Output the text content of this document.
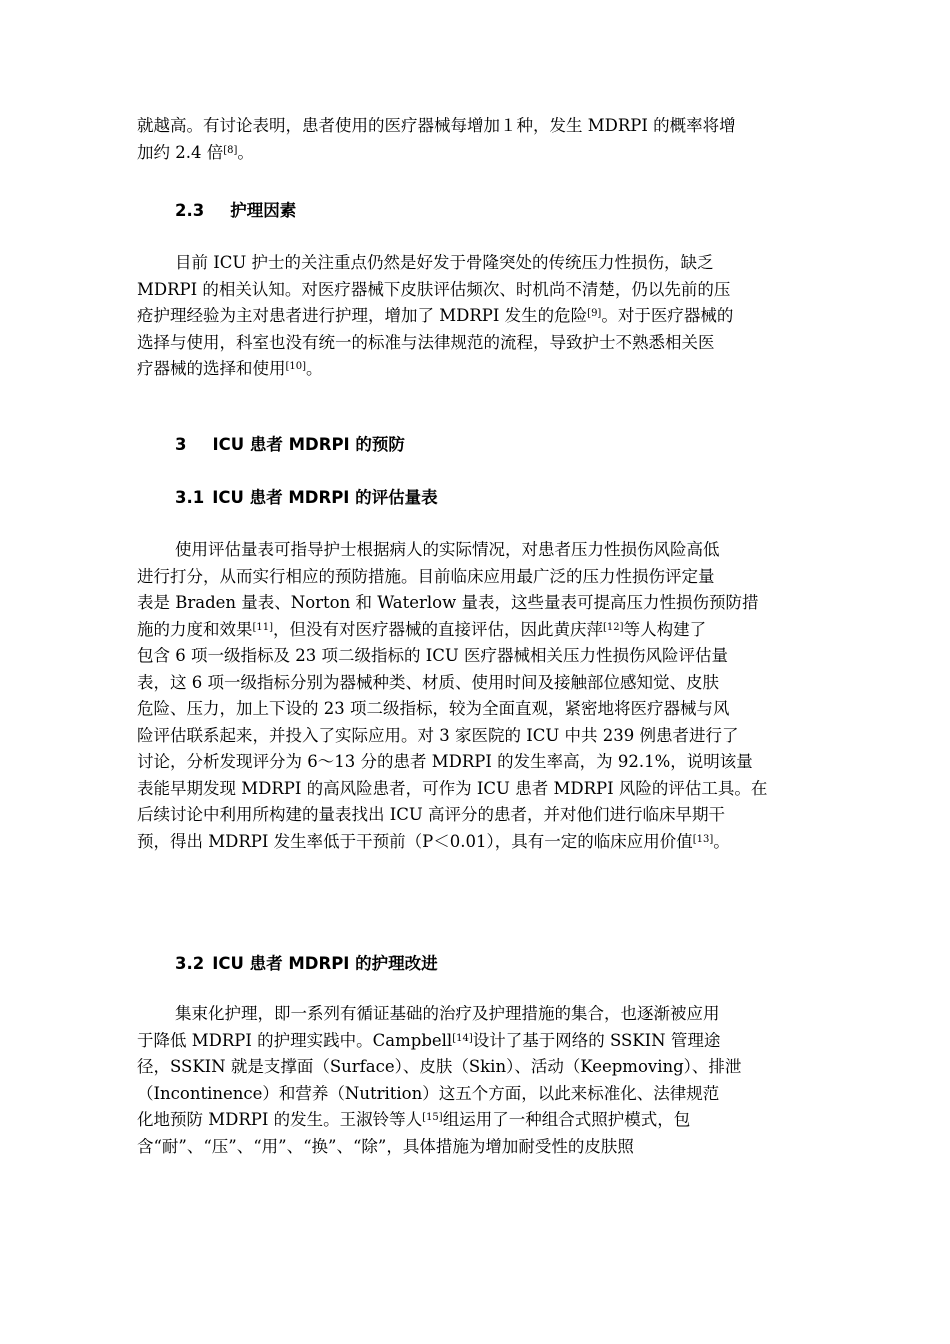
就越高。有讨论表明，患者使用的医疗器械每增加１种，发生 MDRPI 的概率将增
加约 2.4 倍[8]。
2.3 护理因素
目前 ICU 护士的关注重点仍然是好发于骨隆突处的传统压力性损伤，缺乏
MDRPI 的相关认知。对医疗器械下皮肤评估频次、时机尚不清楚，仍以先前的压
疮护理经验为主对患者进行护理，增加了 MDRPI 发生的危险[9]。对于医疗器械的
选择与使用，科室也没有统一的标准与法律规范的流程，导致护士不熟悉相关医
疗器械的选择和使用[10]。
3 ICU 患者 MDRPI 的预防
3.1 ICU 患者 MDRPI 的评估量表
使用评估量表可指导护士根据病人的实际情况，对患者压力性损伤风险高低
进行打分，从而实行相应的预防措施。目前临床应用最广泛的压力性损伤评定量
表是 Braden 量表、Norton 和 Waterlow 量表，这些量表可提高压力性损伤预防措
施的力度和效果[11]，但没有对医疗器械的直接评估，因此黄庆萍[12]等人构建了
包含 6 项一级指标及 23 项二级指标的 ICU 医疗器械相关压力性损伤风险评估量
表，这 6 项一级指标分别为器械种类、材质、使用时间及接触部位感知觉、皮肤
危险、压力，加上下设的 23 项二级指标，较为全面直观，紧密地将医疗器械与风
险评估联系起来，并投入了实际应用。对 3 家医院的 ICU 中共 239 例患者进行了
讨论，分析发现评分为 6～13 分的患者 MDRPI 的发生率高，为 92.1%，说明该量
表能早期发现 MDRPI 的高风险患者，可作为 ICU 患者 MDRPI 风险的评估工具。在
后续讨论中利用所构建的量表找出 ICU 高评分的患者，并对他们进行临床早期干
预，得出 MDRPI 发生率低于干预前（P＜0.01），具有一定的临床应用价值[13]。
3.2 ICU 患者 MDRPI 的护理改进
集束化护理，即一系列有循证基础的治疗及护理措施的集合，也逐渐被应用
于降低 MDRPI 的护理实践中。Campbell[14]设计了基于网络的 SSKIN 管理途
径，SSKIN 就是支撑面（Surface）、皮肤（Skin）、活动（Keepmoving）、排泄
（Incontinence）和营养（Nutrition）这五个方面，以此来标准化、法律规范
化地预防 MDRPI 的发生。王淑铃等人[15]组运用了一种组合式照护模式，包
含“耐”、“压”、“用”、“换”、“除”，具体措施为增加耐受性的皮肤照
